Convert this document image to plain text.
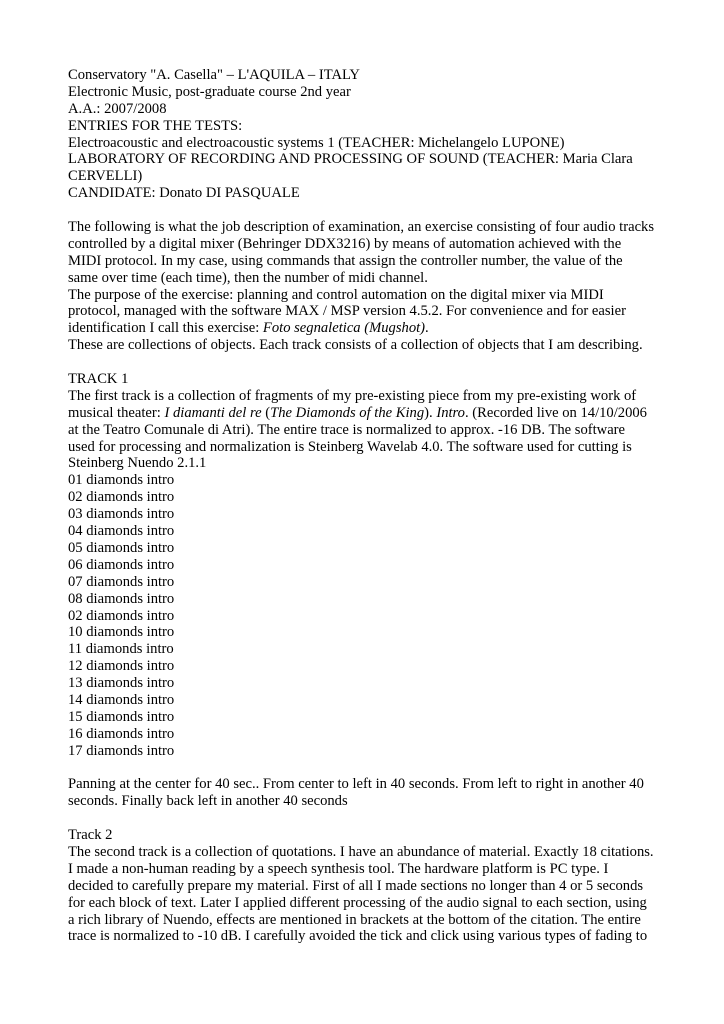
Conservatory "A. Casella" – L'AQUILA – ITALY
Electronic Music, post-graduate course 2nd year
A.A.: 2007/2008
ENTRIES FOR THE TESTS:
Electroacoustic and electroacoustic systems 1 (TEACHER: Michelangelo LUPONE)
LABORATORY OF RECORDING AND PROCESSING OF SOUND (TEACHER: Maria Clara
CERVELLI)
CANDIDATE: Donato DI PASQUALE
The following is what the job description of examination, an exercise consisting of four audio tracks
controlled by a digital mixer (Behringer DDX3216) by means of automation achieved with the
MIDI protocol. In my case, using commands that assign the controller number, the value of the
same over time (each time), then the number of midi channel.
The purpose of the exercise: planning and control automation on the digital mixer via MIDI
protocol, managed with the software MAX / MSP version 4.5.2. For convenience and for easier
identification I call this exercise: Foto segnaletica (Mugshot).
These are collections of objects. Each track consists of a collection of objects that I am describing.
TRACK 1
The first track is a collection of fragments of my pre-existing piece from my pre-existing work of
musical theater: I diamanti del re (The Diamonds of the King). Intro. (Recorded live on 14/10/2006
at the Teatro Comunale di Atri). The entire trace is normalized to approx. -16 DB. The software
used for processing and normalization is Steinberg Wavelab 4.0. The software used for cutting is
Steinberg Nuendo 2.1.1
01 diamonds intro
02 diamonds intro
03 diamonds intro
04 diamonds intro
05 diamonds intro
06 diamonds intro
07 diamonds intro
08 diamonds intro
02 diamonds intro
10 diamonds intro
11 diamonds intro
12 diamonds intro
13 diamonds intro
14 diamonds intro
15 diamonds intro
16 diamonds intro
17 diamonds intro
Panning at the center for 40 sec.. From center to left in 40 seconds. From left to right in another 40
seconds. Finally back left in another 40 seconds
Track 2
The second track is a collection of quotations. I have an abundance of material. Exactly 18 citations.
I made a non-human reading by a speech synthesis tool. The hardware platform is PC type. I
decided to carefully prepare my material. First of all I made sections no longer than 4 or 5 seconds
for each block of text. Later I applied different processing of the audio signal to each section, using
a rich library of Nuendo, effects are mentioned in brackets at the bottom of the citation. The entire
trace is normalized to -10 dB. I carefully avoided the tick and click using various types of fading to
